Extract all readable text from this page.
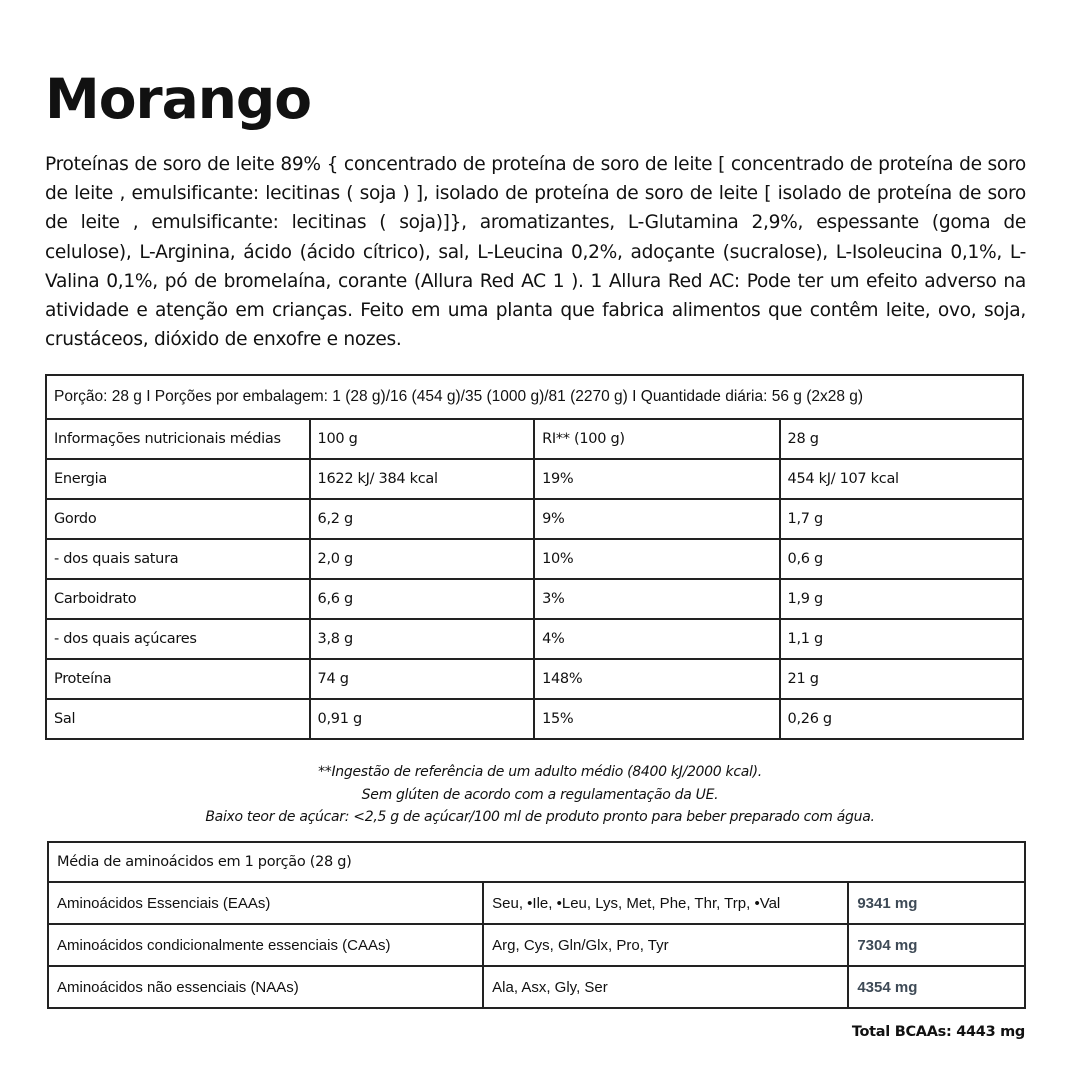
Morango
Proteínas de soro de leite 89% { concentrado de proteína de soro de leite [ concentrado de proteína de soro de leite , emulsificante: lecitinas ( soja ) ], isolado de proteína de soro de leite [ isolado de proteína de soro de leite , emulsificante: lecitinas ( soja)]}, aromatizantes, L-Glutamina 2,9%, espessante (goma de celulose), L-Arginina, ácido (ácido cítrico), sal, L-Leucina 0,2%, adoçante (sucralose), L-Isoleucina 0,1%, L-Valina 0,1%, pó de bromelaína, corante (Allura Red AC 1 ). 1 Allura Red AC: Pode ter um efeito adverso na atividade e atenção em crianças. Feito em uma planta que fabrica alimentos que contêm leite, ovo, soja, crustáceos, dióxido de enxofre e nozes.
Porção: 28 g I Porções por embalagem: 1 (28 g)/16 (454 g)/35 (1000 g)/81 (2270 g) I Quantidade diária: 56 g (2x28 g)			
Informações nutricionais médias	100 g	RI** (100 g)	28 g
Energia	1622 kJ/ 384 kcal	19%	454 kJ/ 107 kcal
Gordo	6,2 g	9%	1,7 g
- dos quais satura	2,0 g	10%	0,6 g
Carboidrato	6,6 g	3%	1,9 g
- dos quais açúcares	3,8 g	4%	1,1 g
Proteína	74 g	148%	21 g
Sal	0,91 g	15%	0,26 g
**Ingestão de referência de um adulto médio (8400 kJ/2000 kcal).
Sem glúten de acordo com a regulamentação da UE.
Baixo teor de açúcar: <2,5 g de açúcar/100 ml de produto pronto para beber preparado com água.
Média de aminoácidos em 1 porção (28 g)		
Aminoácidos Essenciais (EAAs)	Seu, •Ile, •Leu, Lys, Met, Phe, Thr, Trp, •Val	9341 mg
Aminoácidos condicionalmente essenciais (CAAs)	Arg, Cys, Gln/Glx, Pro, Tyr	7304 mg
Aminoácidos não essenciais (NAAs)	Ala, Asx, Gly, Ser	4354 mg
Total BCAAs: 4443 mg
